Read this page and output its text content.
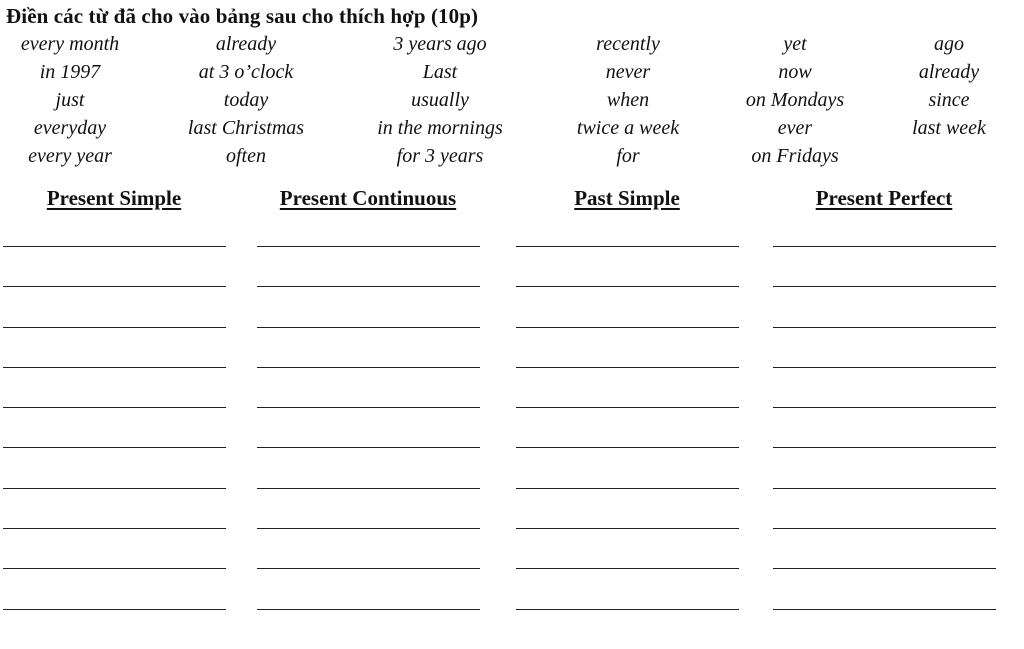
Điền các từ đã cho vào bảng sau cho thích hợp (10p)
every month	already	3 years ago	recently	yet	ago
in 1997	at 3 o’clock	Last	never	now	already
just	today	usually	when	on Mondays	since
everyday	last Christmas	in the mornings	twice a week	ever	last week
every year	often	for 3 years	for	on Fridays
Present Simple	Present Continuous	Past Simple	Present Perfect
